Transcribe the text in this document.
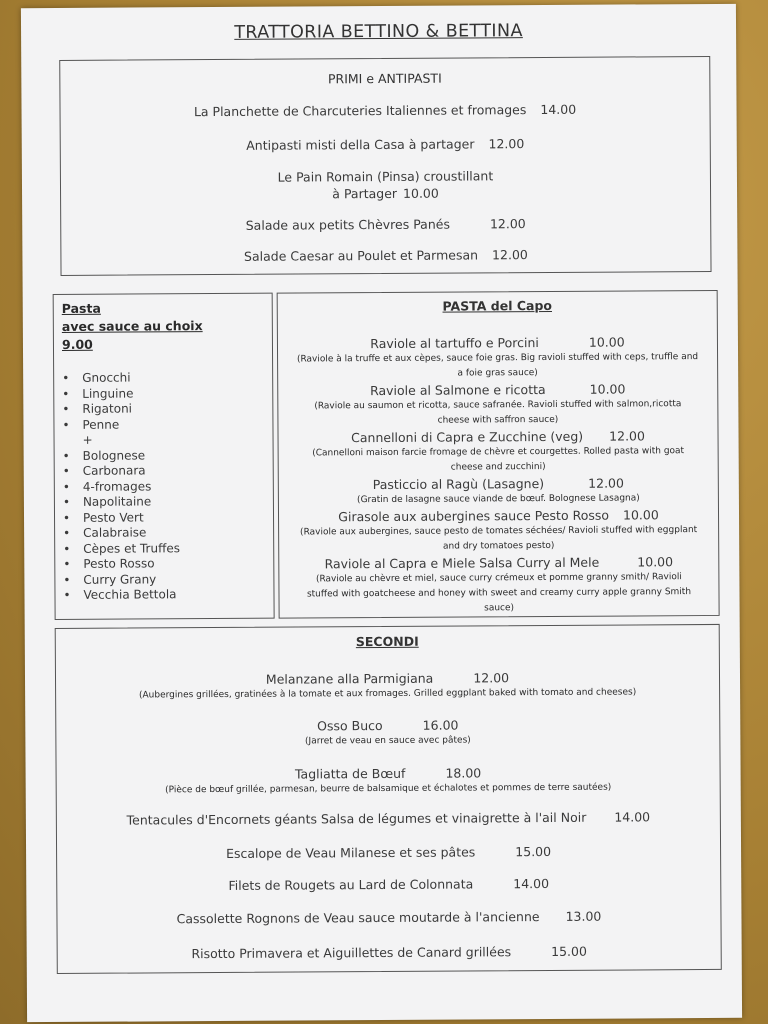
TRATTORIA BETTINO & BETTINA
PRIMI e ANTIPASTI
La Planchette de Charcuteries Italiennes et fromages 14.00
Antipasti misti della Casa à partager 12.00
Le Pain Romain (Pinsa) croustillant
à Partager 10.00
Salade aux petits Chèvres Panés	12.00
Salade Caesar au Poulet et Parmesan 12.00
Pasta
avec sauce au choix
9.00
• Gnocchi
• Linguine
• Rigatoni
• Penne
+
• Bolognese
• Carbonara
• 4-fromages
• Napolitaine
• Pesto Vert
• Calabraise
• Cèpes et Truffes
• Pesto Rosso
• Curry Grany
• Vecchia Bettola
PASTA del Capo
Raviole al tartuffo e Porcini	10.00
(Raviole à la truffe et aux cèpes, sauce foie gras. Big ravioli stuffed with ceps, truffle and
a foie gras sauce)
Raviole al Salmone e ricotta	10.00
(Raviole au saumon et ricotta, sauce safranée. Ravioli stuffed with salmon,ricotta
cheese with saffron sauce)
Cannelloni di Capra e Zucchine (veg) 12.00
(Cannelloni maison farcie fromage de chèvre et courgettes. Rolled pasta with goat
cheese and zucchini)
Pasticcio al Ragù (Lasagne)	12.00
(Gratin de lasagne sauce viande de bœuf. Bolognese Lasagna)
Girasole aux aubergines sauce Pesto Rosso 10.00
(Raviole aux aubergines, sauce pesto de tomates séchées/ Ravioli stuffed with eggplant
and dry tomatoes pesto)
Raviole al Capra e Miele Salsa Curry al Mele	10.00
(Raviole au chèvre et miel, sauce curry crémeux et pomme granny smith/ Ravioli
stuffed with goatcheese and honey with sweet and creamy curry apple granny Smith
sauce)
SECONDI
Melanzane alla Parmigiana	12.00
(Aubergines grillées, gratinées à la tomate et aux fromages. Grilled eggplant baked with tomato and cheeses)
Osso Buco	16.00
(Jarret de veau en sauce avec pâtes)
Tagliatta de Bœuf	18.00
(Pièce de bœuf grillée, parmesan, beurre de balsamique et échalotes et pommes de terre sautées)
Tentacules d'Encornets géants Salsa de légumes et vinaigrette à l'ail Noir 14.00
Escalope de Veau Milanese et ses pâtes	15.00
Filets de Rougets au Lard de Colonnata	14.00
Cassolette Rognons de Veau sauce moutarde à l'ancienne 13.00
Risotto Primavera et Aiguillettes de Canard grillées	15.00
